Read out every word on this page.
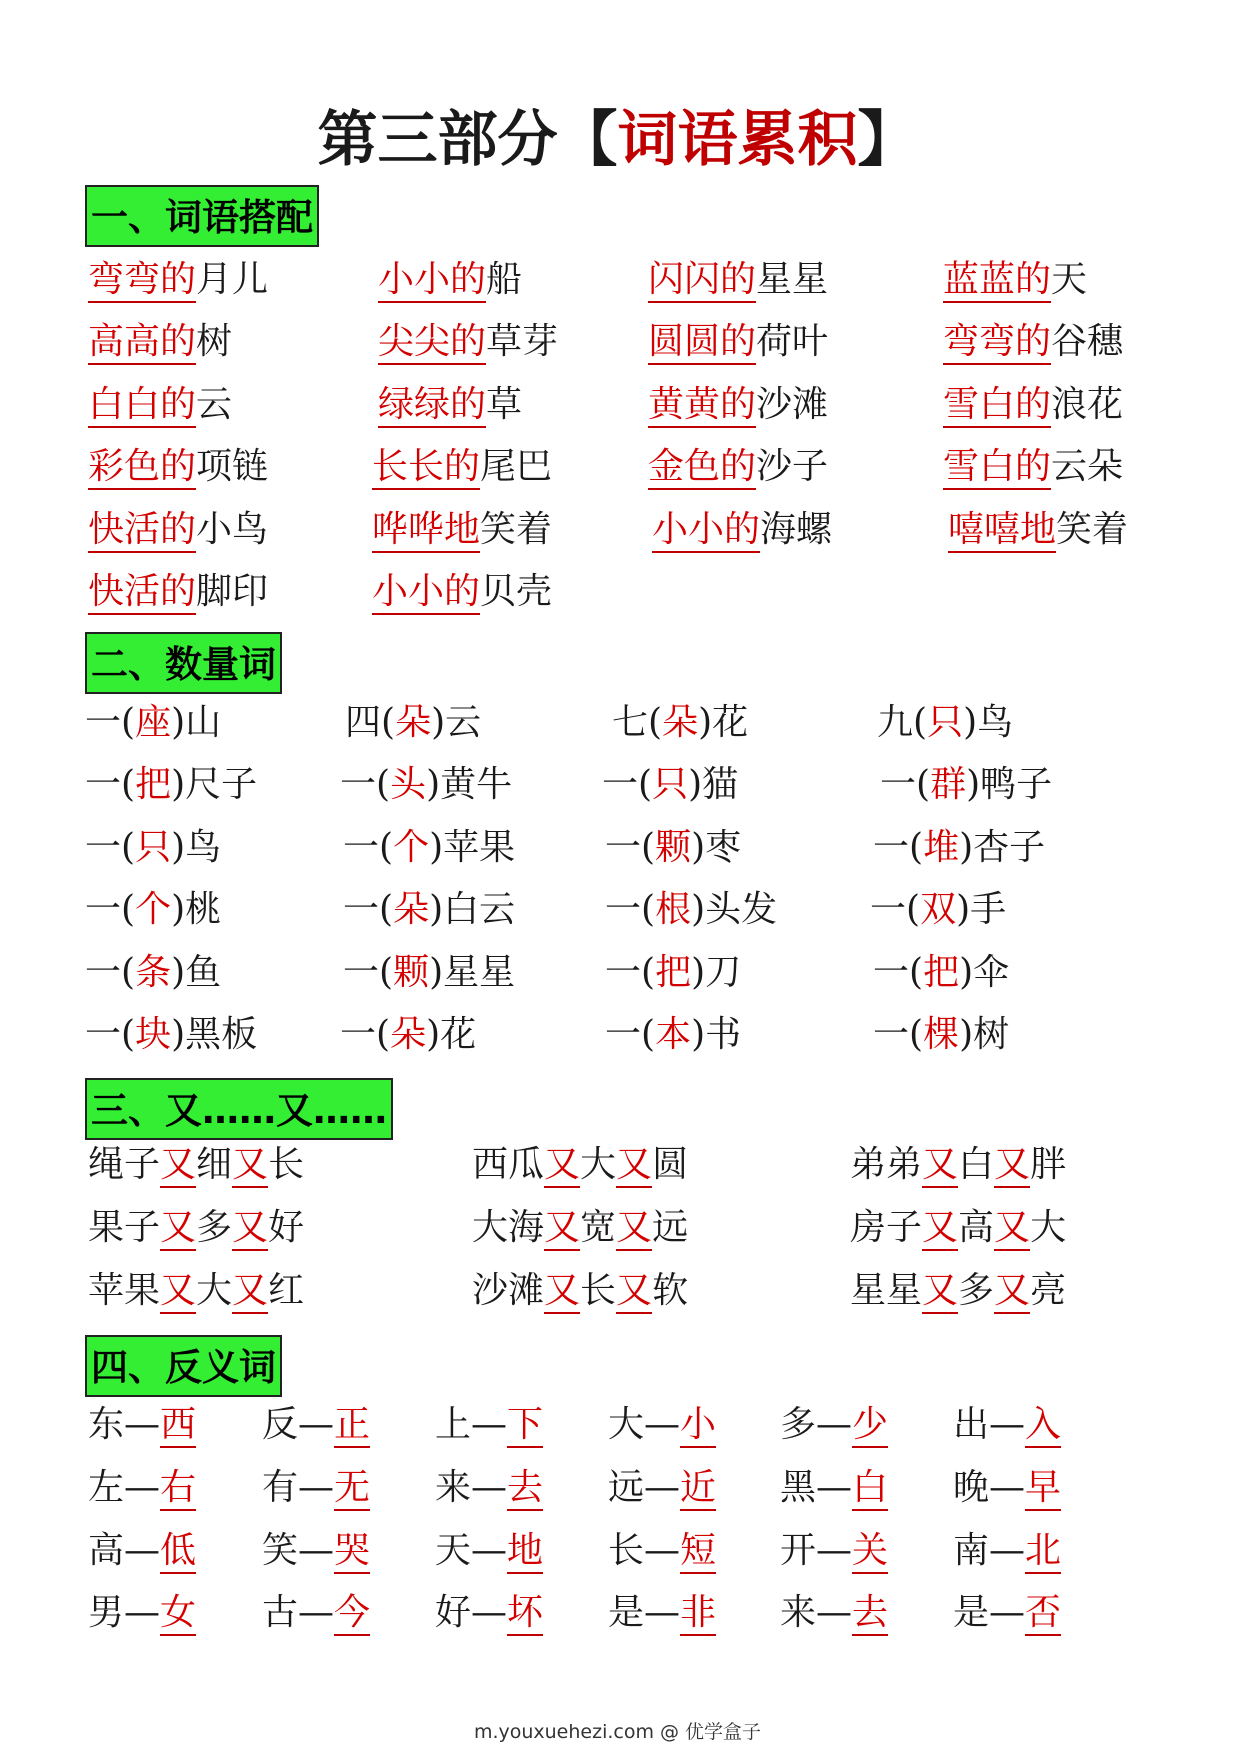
第三部分【词语累积】
一、词语搭配
弯弯的月儿	小小的船	闪闪的星星	蓝蓝的天
高高的树	尖尖的草芽 圆圆的荷叶	弯弯的谷穗
白白的云	绿绿的草	黄黄的沙滩	雪白的浪花
彩色的项链	长长的尾巴	金色的沙子	雪白的云朵
快活的小鸟	哗哗地笑着	小小的海螺	嘻嘻地笑着
快活的脚印	小小的贝壳
二、数量词
一(座)山	四(朵)云	七(朵)花	九(只)鸟
一(把)尺子 一(头)黄牛 一(只)猫	一(群)鸭子
一(只)鸟	一(个)苹果 一(颗)枣	一(堆)杏子
一(个)桃	一(朵)白云 一(根)头发	一(双)手
一(条)鱼	一(颗)星星 一(把)刀	一(把)伞
一(块)黑板 一(朵)花	一(本)书	一(棵)树
三、又……又……
绳子又细又长	西瓜又大又圆	弟弟又白又胖
果子又多又好	大海又宽又远	房子又高又大
苹果又大又红	沙滩又长又软	星星又多又亮
四、反义词
东—西 反—正 上—下 大—小 多—少 出—入
左—右 有—无 来—去 远—近 黑—白 晚—早
高—低 笑—哭 天—地 长—短 开—关 南—北
男—女 古—今 好—坏 是—非 来—去 是—否
m.youxuehezi.com @ 优学盒子
